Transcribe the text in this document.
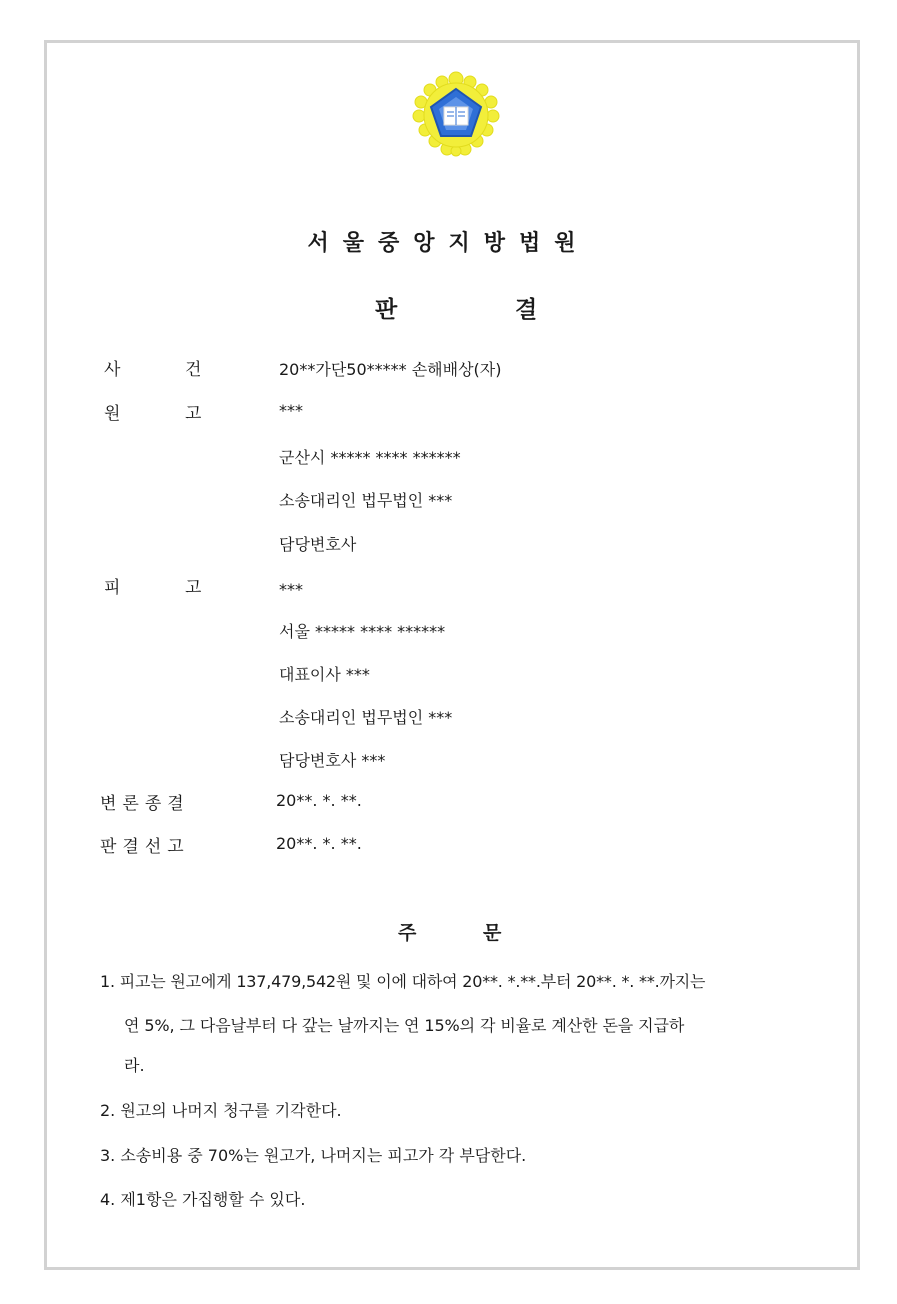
서울중앙지방법원
판	결
사	건	20**가단50***** 손해배상(자)
원	고	***
군산시 ***** **** ******
소송대리인 법무법인 ***
담당변호사
피	고	***
서울 ***** **** ******
대표이사 ***
소송대리인 법무법인 ***
담당변호사 ***
변론종결	20**. *. **.
판결선고	20**. *. **.
주	문
1. 피고는 원고에게 137,479,542원 및 이에 대하여 20**. *.**.부터 20**. *. **.까지는
연 5%, 그 다음날부터 다 갚는 날까지는 연 15%의 각 비율로 계산한 돈을 지급하
라.
2. 원고의 나머지 청구를 기각한다.
3. 소송비용 중 70%는 원고가, 나머지는 피고가 각 부담한다.
4. 제1항은 가집행할 수 있다.
